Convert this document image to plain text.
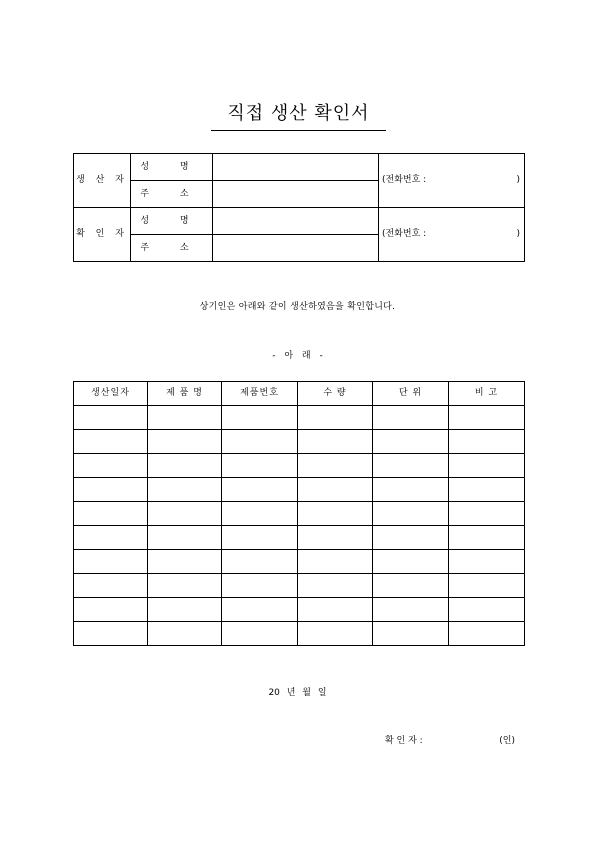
직접 생산 확인서
생 산 자	성 명		(전화번호 : )

	주 소		
확 인 자	성 명		(전화번호 : )

	주 소		
상기인은 아래와 같이 생산하였음을 확인합니다.
- 아 래 -
생산일자	제 품 명	제품번호	수 량	단 위	비 고

20 년 월 일
확 인 자 :	(인)
